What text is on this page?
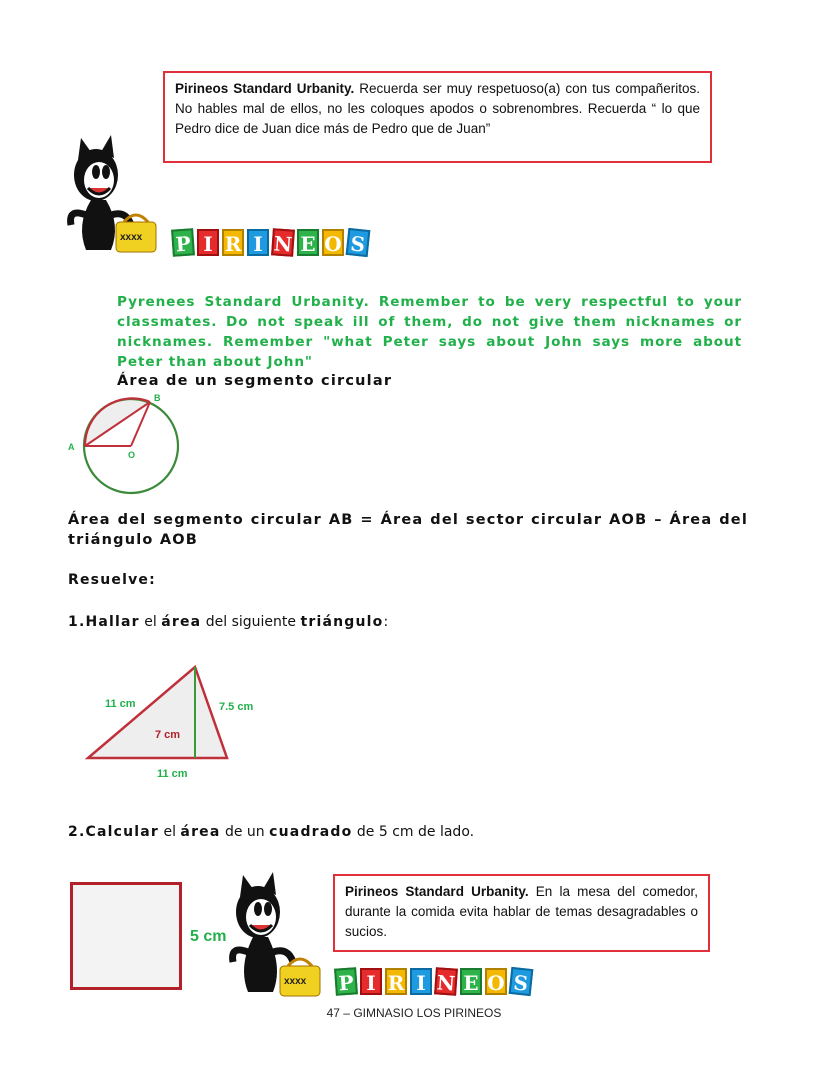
Pirineos Standard Urbanity. Recuerda ser muy respetuoso(a) con tus compañeritos. No hables mal de ellos, no les coloques apodos o sobrenombres. Recuerda “ lo que Pedro dice de Juan dice más de Pedro que de Juan”
xxxx P I R I N E O S
Pyrenees Standard Urbanity. Remember to be very respectful to your classmates. Do not speak ill of them, do not give them nicknames or nicknames. Remember "what Peter says about John says more about Peter than about John"
Área de un segmento circular
A
B
O
Área del segmento circular AB = Área del sector circular AOB – Área del triángulo AOB
Resuelve:
1.Hallar el área del siguiente triángulo:
11 cm	7.5 cm
7 cm
11 cm
2.Calcular el área de un cuadrado de 5 cm de lado.
5 cm
xxxx
Pirineos Standard Urbanity. En la mesa del comedor, durante la comida evita hablar de temas desagradables o sucios.
P I R I N E O S
47 – GIMNASIO LOS PIRINEOS
